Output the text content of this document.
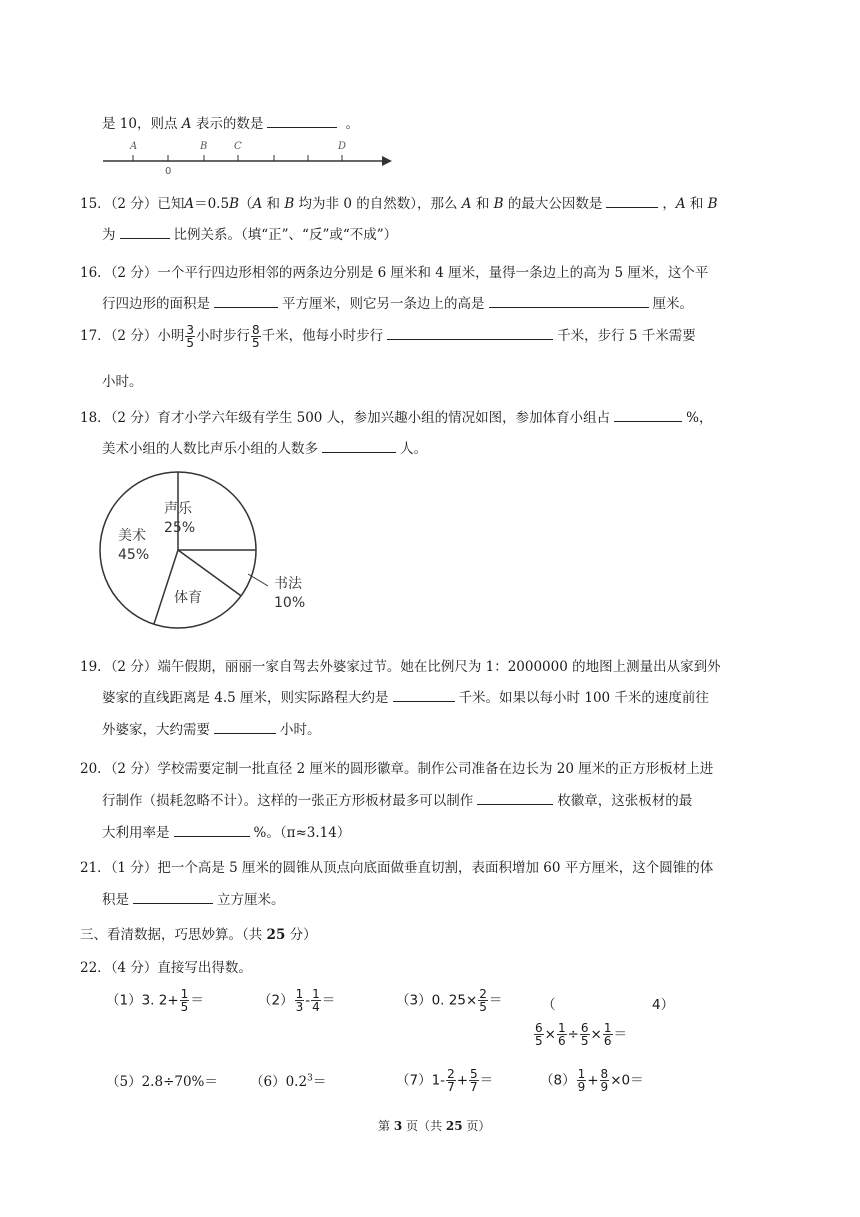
是 10，则点 A 表示的数是	。
A	B	C	D
0
15．（2 分）已知A＝0.5B（A 和 B 均为非 0 的自然数），那么 A 和 B 的最大公因数是	，A 和 B
为	比例关系。（填“正”、“反”或“不成”）
16．（2 分）一个平行四边形相邻的两条边分别是 6 厘米和 4 厘米，量得一条边上的高为 5 厘米，这个平
行四边形的面积是	平方厘米，则它另一条边上的高是	厘米。
17．（2 分）小明 $\frac{3}{5}$ 小时步行 $\frac{8}{5}$ 千米，他每小时步行	千米，步行 5 千米需要
小时。
18．（2 分）育才小学六年级有学生 500 人，参加兴趣小组的情况如图，参加体育小组占	%，
美术小组的人数比声乐小组的人数多	人。
声乐
25%
美术
45%
体育
书法
10%
19．（2 分）端午假期，丽丽一家自驾去外婆家过节。她在比例尺为 1：2000000 的地图上测量出从家到外
婆家的直线距离是 4.5 厘米，则实际路程大约是	千米。如果以每小时 100 千米的速度前往
外婆家，大约需要	小时。
20．（2 分）学校需要定制一批直径 2 厘米的圆形徽章。制作公司准备在边长为 20 厘米的正方形板材上进
行制作（损耗忽略不计）。这样的一张正方形板材最多可以制作	枚徽章，这张板材的最
大利用率是	%。（π≈3.14）
21．（1 分）把一个高是 5 厘米的圆锥从顶点向底面做垂直切割，表面积增加 60 平方厘米，这个圆锥的体
积是	立方厘米。
三、看清数据，巧思妙算。（共 25 分）
22．（4 分）直接写出得数。
（1）3. $2+ \frac{1}{5}$ ＝	$(2) \frac{1}{3} - \frac{1}{4}$ ＝	（3）0. $25\times \frac{2}{5}$ ＝	（	4）
$\frac{6}{5} \times \frac{1}{6} \div \frac{6}{5} \times \frac{1}{6}$ ＝
$(5)2.8\div 70\%= (6)0.2^3=$	$(7)1- \frac{2}{7} + \frac{5}{7}$ ＝	$(8) \frac{1}{9} + \frac{8}{9} \times 0=$
第 3 页（共 25 页）
